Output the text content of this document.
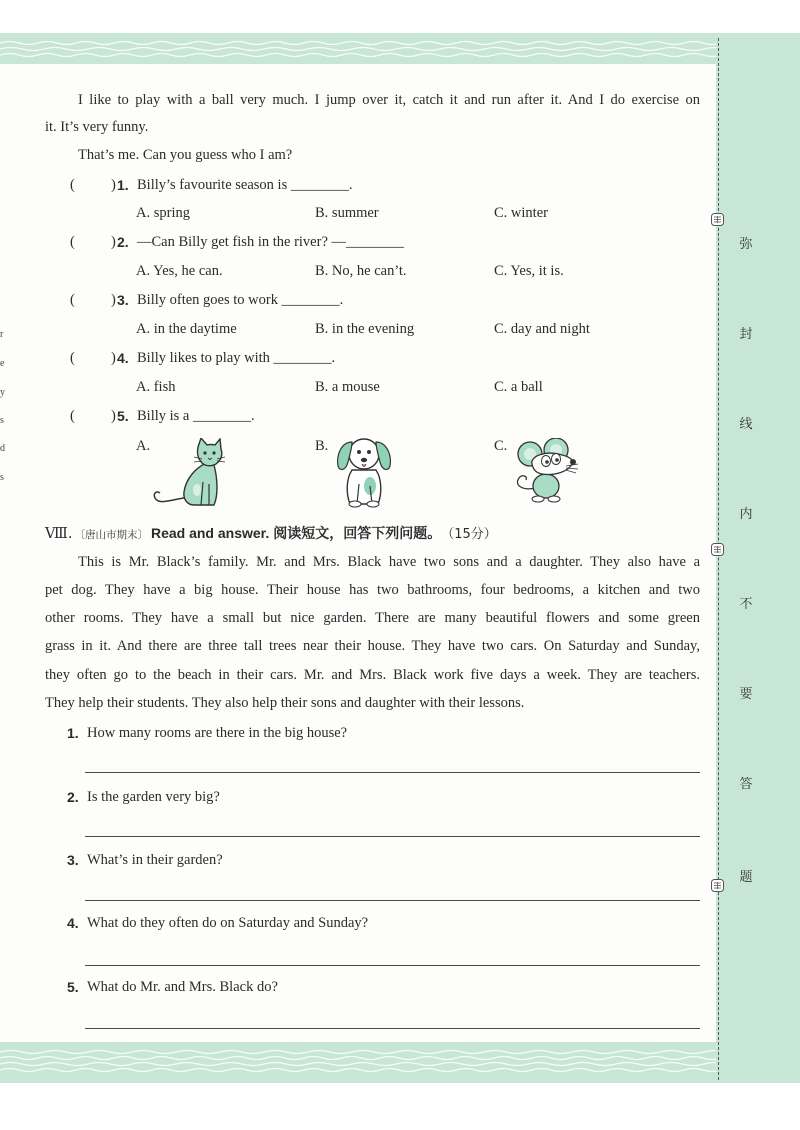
弥
封
线
内
不
要
答
题
r
e
y
s
d
s
I like to play with a ball very much. I jump over it, catch it and run after it. And I do exercise on
it. It’s very funny.
That’s me. Can you guess who I am?
( ) 1. Billy’s favourite season is ________.
A. spring	B. summer	C. winter
( ) 2. —Can Billy get fish in the river? —________
A. Yes, he can.	B. No, he can’t.	C. Yes, it is.
( ) 3. Billy often goes to work ________.
A. in the daytime	B. in the evening	C. day and night
( ) 4. Billy likes to play with ________.
A. fish	B. a mouse	C. a ball
( ) 5. Billy is a ________.
A.	B.	C.
Ⅷ. 〔唐山市期末〕 Read and answer. 阅读短文，回答下列问题。 （15分）
This is Mr. Black’s family. Mr. and Mrs. Black have two sons and a daughter. They also have a
pet dog. They have a big house. Their house has two bathrooms, four bedrooms, a kitchen and two
other rooms. They have a small but nice garden. There are many beautiful flowers and some green
grass in it. And there are three tall trees near their house. They have two cars. On Saturday and Sunday,
they often go to the beach in their cars. Mr. and Mrs. Black work five days a week. They are teachers.
They help their students. They also help their sons and daughter with their lessons.
1. How many rooms are there in the big house?
2. Is the garden very big?
3. What’s in their garden?
4. What do they often do on Saturday and Sunday?
5. What do Mr. and Mrs. Black do?
